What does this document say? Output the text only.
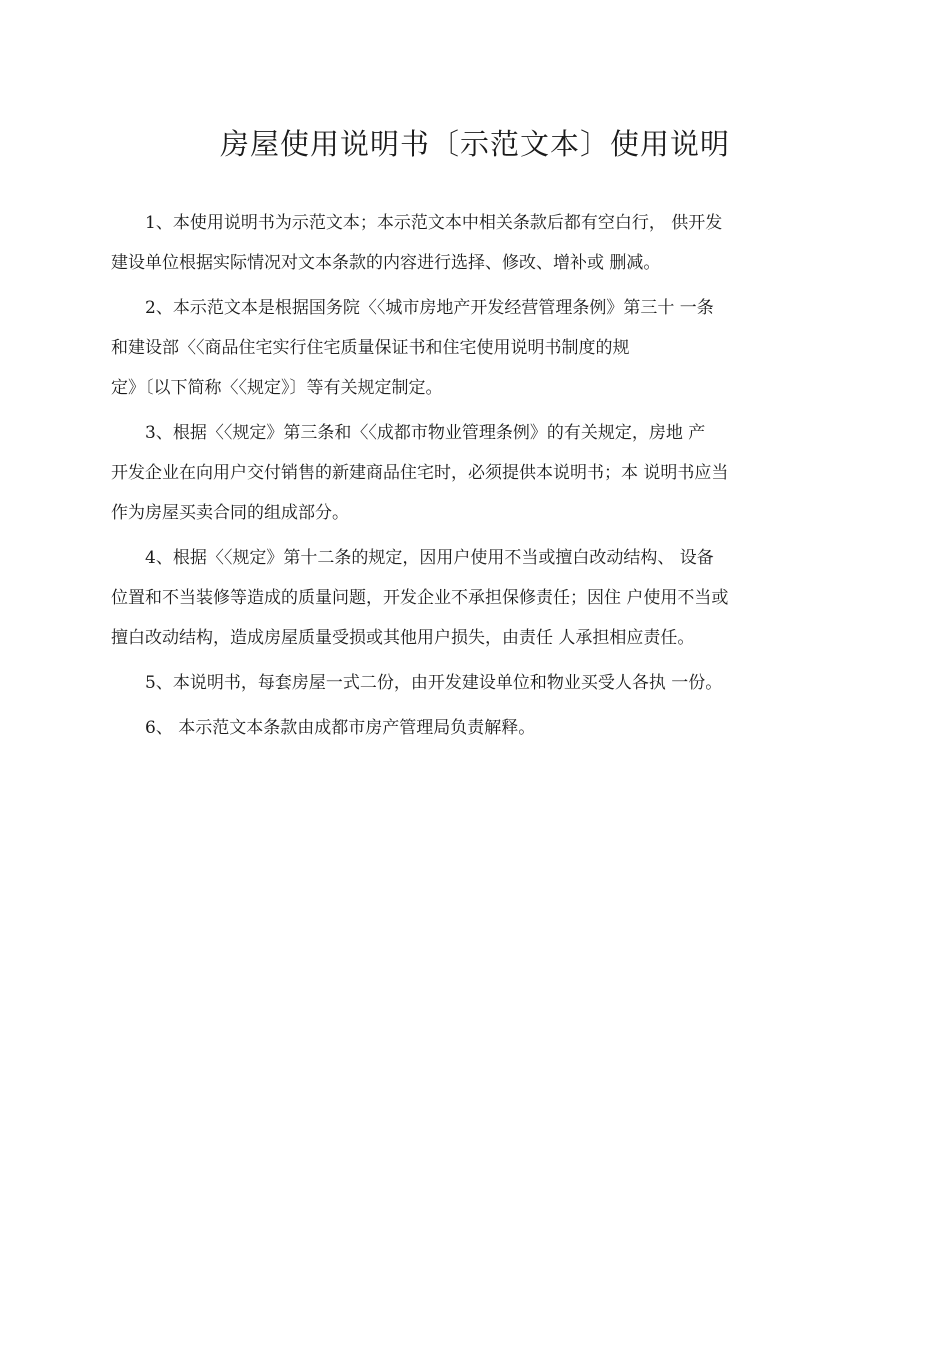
房屋使用说明书〔示范文本〕使用说明

1、本使用说明书为示范文本；本示范文本中相关条款后都有空白行， 供开发
建设单位根据实际情况对文本条款的内容进行选择、修改、增补或 删减。

2、本示范文本是根据国务院〈〈城市房地产开发经营管理条例》第三十 一条
和建设部〈〈商品住宅实行住宅质量保证书和住宅使用说明书制度的规
定》〔以下简称〈〈规定》〕等有关规定制定。

3、根据〈〈规定》第三条和〈〈成都市物业管理条例》的有关规定，房地 产
开发企业在向用户交付销售的新建商品住宅时，必须提供本说明书；本 说明书应当
作为房屋买卖合同的组成部分。

4、根据〈〈规定》第十二条的规定，因用户使用不当或擅白改动结构、 设备
位置和不当装修等造成的质量问题，开发企业不承担保修责任；因住 户使用不当或
擅白改动结构，造成房屋质量受损或其他用户损失，由责任 人承担相应责任。

5、本说明书，每套房屋一式二份，由开发建设单位和物业买受人各执 一份。

6、 本示范文本条款由成都市房产管理局负责解释。
